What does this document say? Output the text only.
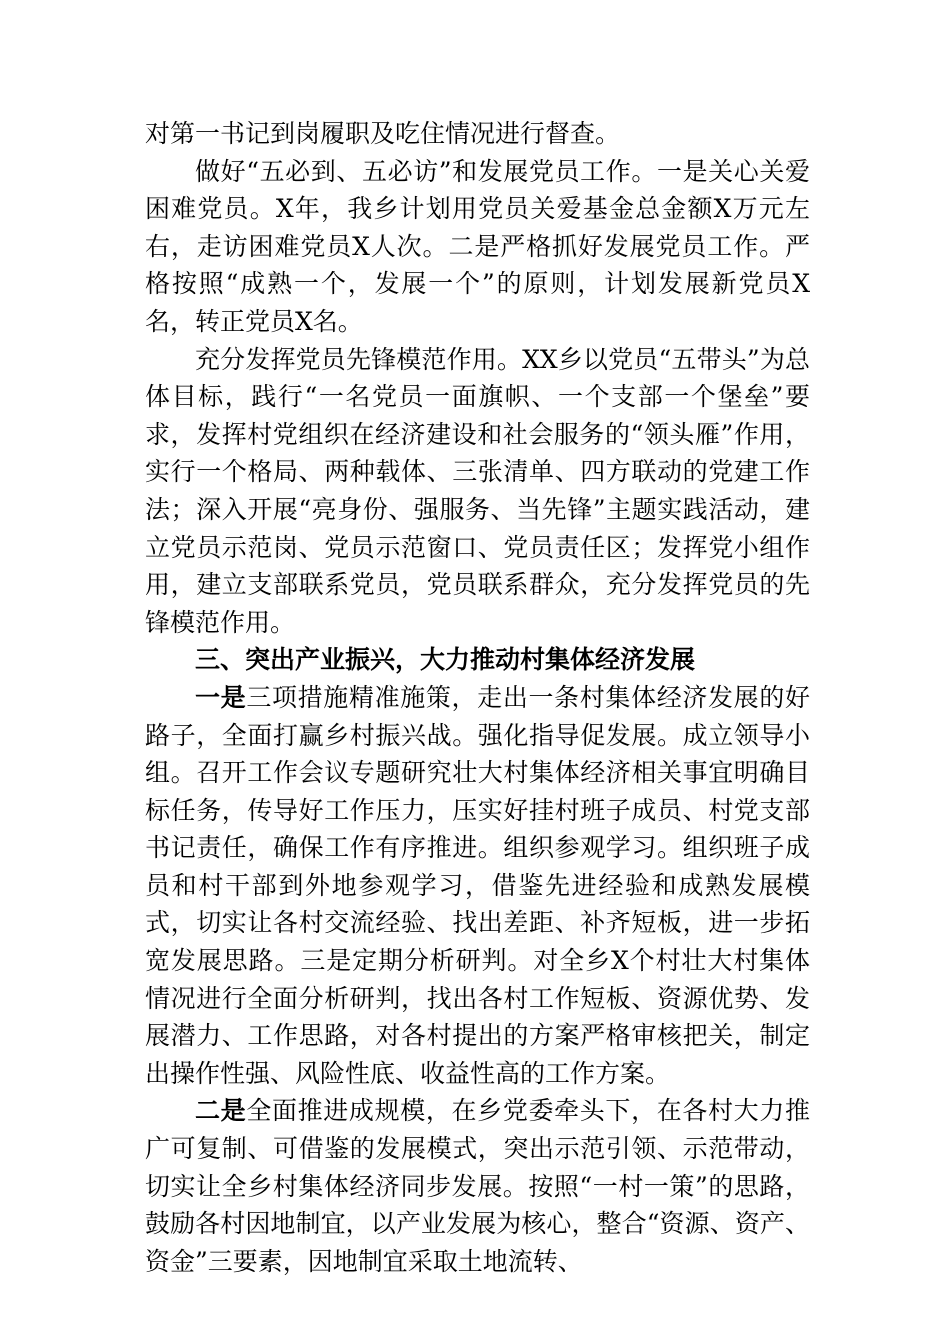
对第一书记到岗履职及吃住情况进行督查。

做好“五必到、五必访”和发展党员工作。一是关心关爱困难党员。X年，我乡计划用党员关爱基金总金额X万元左右，走访困难党员X人次。二是严格抓好发展党员工作。严格按照“成熟一个，发展一个”的原则，计划发展新党员X名，转正党员X名。

充分发挥党员先锋模范作用。XX乡以党员“五带头”为总体目标，践行“一名党员一面旗帜、一个支部一个堡垒”要求，发挥村党组织在经济建设和社会服务的“领头雁”作用，实行一个格局、两种载体、三张清单、四方联动的党建工作法；深入开展“亮身份、强服务、当先锋”主题实践活动，建立党员示范岗、党员示范窗口、党员责任区；发挥党小组作用，建立支部联系党员，党员联系群众，充分发挥党员的先锋模范作用。

三、突出产业振兴，大力推动村集体经济发展

一是三项措施精准施策，走出一条村集体经济发展的好路子，全面打赢乡村振兴战。强化指导促发展。成立领导小组。召开工作会议专题研究壮大村集体经济相关事宜明确目标任务，传导好工作压力，压实好挂村班子成员、村党支部书记责任，确保工作有序推进。组织参观学习。组织班子成员和村干部到外地参观学习，借鉴先进经验和成熟发展模式，切实让各村交流经验、找出差距、补齐短板，进一步拓宽发展思路。三是定期分析研判。对全乡X个村壮大村集体情况进行全面分析研判，找出各村工作短板、资源优势、发展潜力、工作思路，对各村提出的方案严格审核把关，制定出操作性强、风险性底、收益性高的工作方案。

二是全面推进成规模，在乡党委牵头下，在各村大力推广可复制、可借鉴的发展模式，突出示范引领、示范带动，切实让全乡村集体经济同步发展。按照“一村一策”的思路，鼓励各村因地制宜，以产业发展为核心，整合“资源、资产、资金”三要素，因地制宜采取土地流转、
